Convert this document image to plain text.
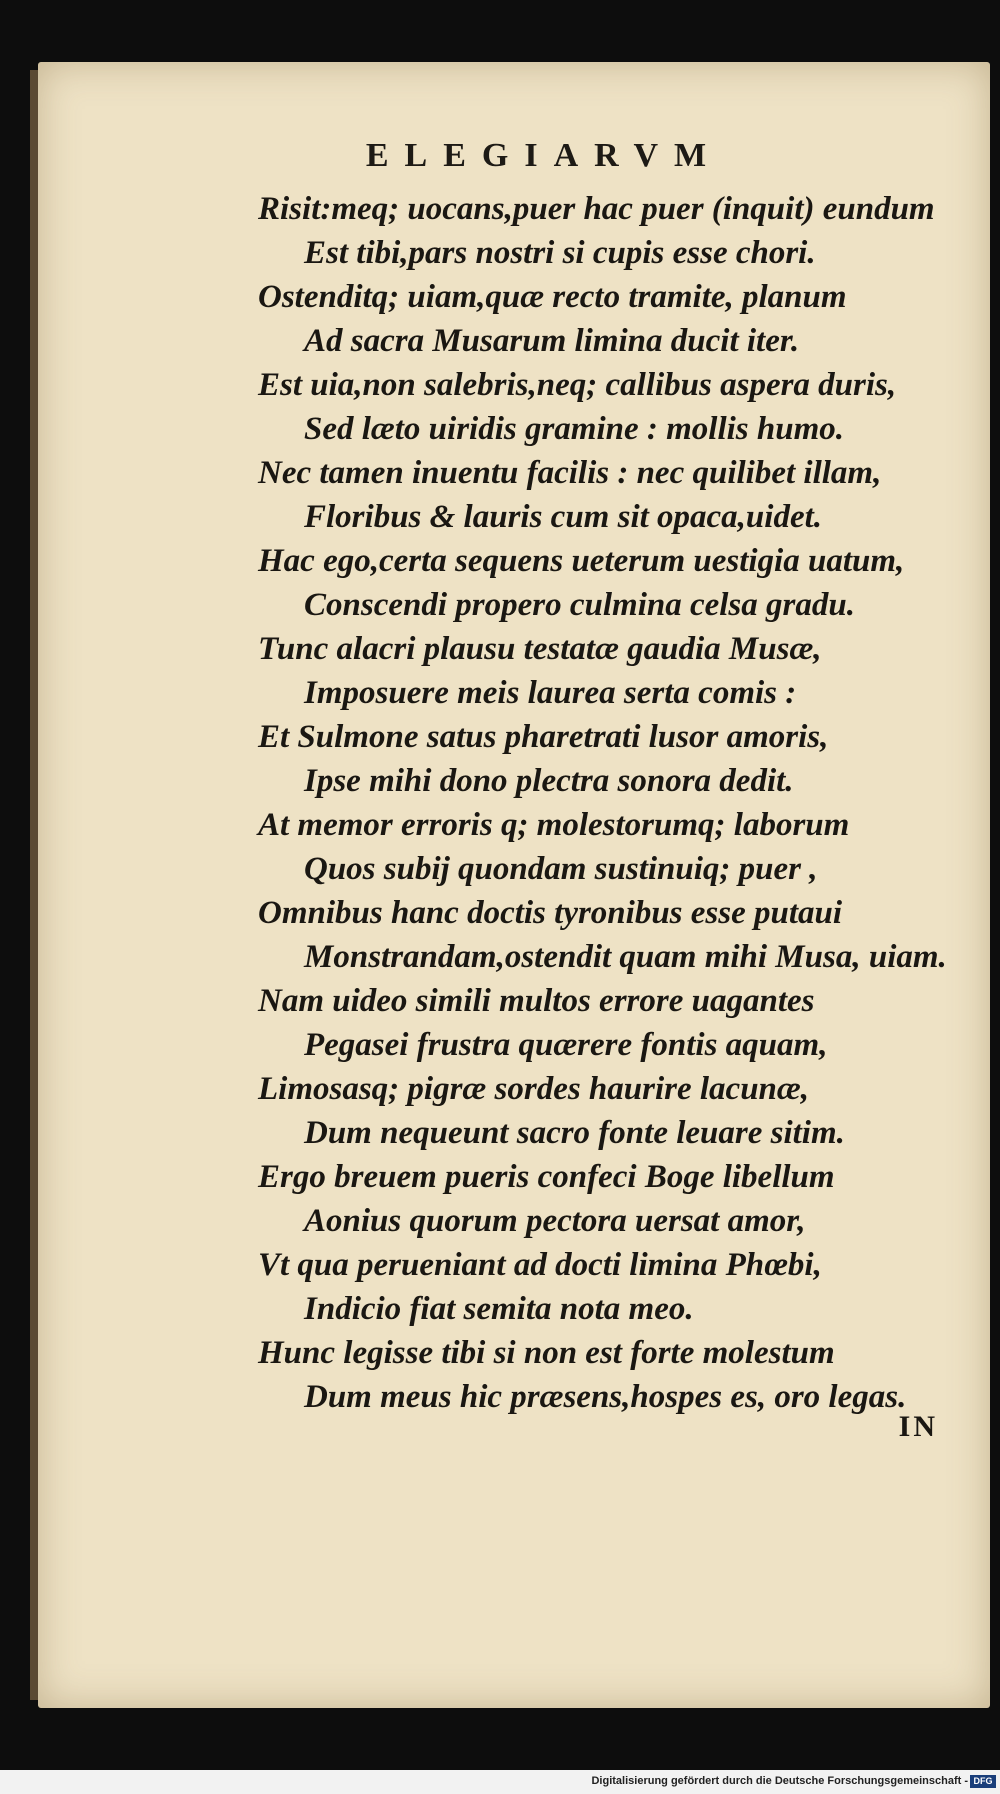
ELEGIARVM
Risit:meq; uocans,puer hac puer (inquit) eundum
Est tibi,pars nostri si cupis esse chori.
Ostenditq; uiam,quæ recto tramite, planum
Ad sacra Musarum limina ducit iter.
Est uia,non salebris,neq; callibus aspera duris,
Sed læto uiridis gramine : mollis humo.
Nec tamen inuentu facilis : nec quilibet illam,
Floribus & lauris cum sit opaca,uidet.
Hac ego,certa sequens ueterum uestigia uatum,
Conscendi propero culmina celsa gradu.
Tunc alacri plausu testatæ gaudia Musæ,
Imposuere meis laurea serta comis :
Et Sulmone satus pharetrati lusor amoris,
Ipse mihi dono plectra sonora dedit.
At memor erroris q; molestorumq; laborum
Quos subij quondam sustinuiq; puer ,
Omnibus hanc doctis tyronibus esse putaui
Monstrandam,ostendit quam mihi Musa, uiam.
Nam uideo simili multos errore uagantes
Pegasei frustra quærere fontis aquam,
Limosasq; pigræ sordes haurire lacunæ,
Dum nequeunt sacro fonte leuare sitim.
Ergo breuem pueris confeci Boge libellum
Aonius quorum pectora uersat amor,
Vt qua perueniant ad docti limina Phœbi,
Indicio fiat semita nota meo.
Hunc legisse tibi si non est forte molestum
Dum meus hic præsens,hospes es, oro legas.
IN
Digitalisierung gefördert durch die Deutsche Forschungsgemeinschaft - DFG
